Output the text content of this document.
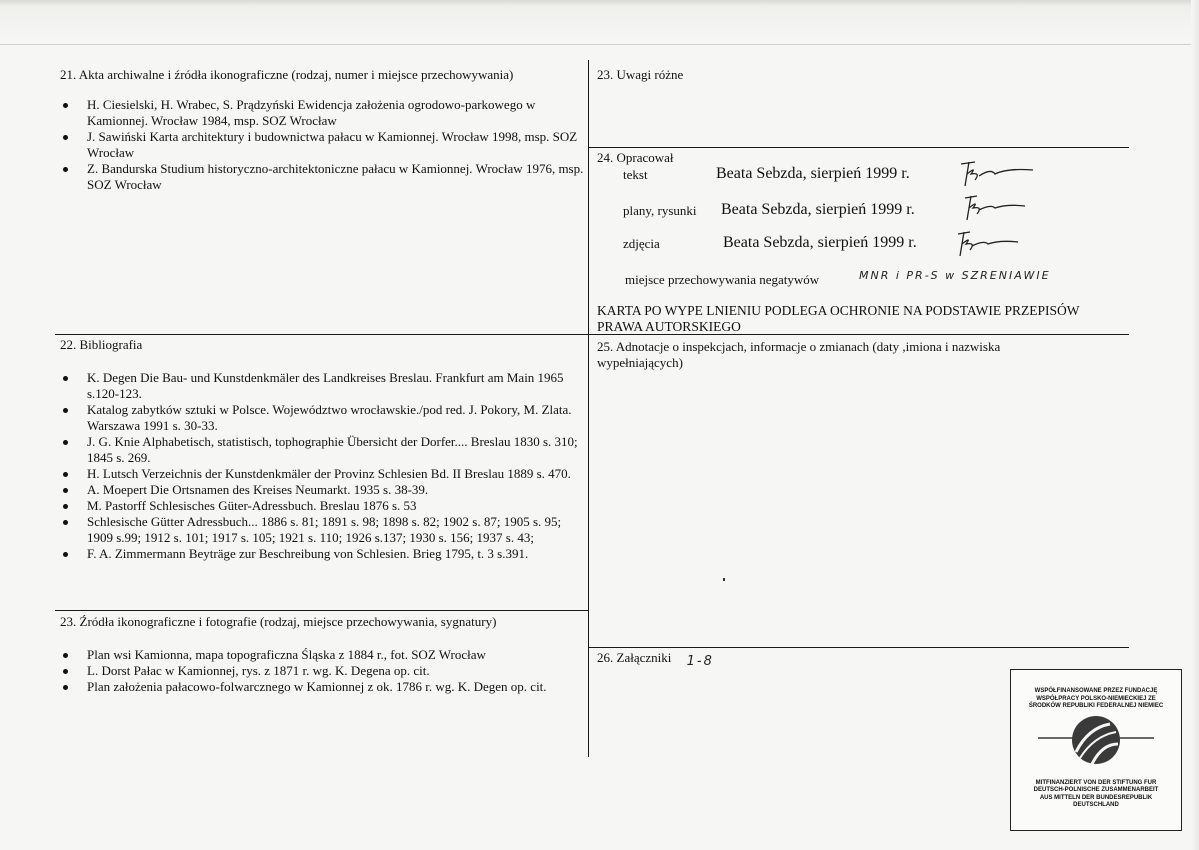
21. Akta archiwalne i źródła ikonograficzne (rodzaj, numer i miejsce przechowywania)
H. Ciesielski, H. Wrabec, S. Prądzyński Ewidencja założenia ogrodowo-parkowego w Kamionnej. Wrocław 1984, msp. SOZ Wrocław
J. Sawiński Karta architektury i budownictwa pałacu w Kamionnej. Wrocław 1998, msp. SOZ Wrocław
Z. Bandurska Studium historyczno-architektoniczne pałacu w Kamionnej. Wrocław 1976, msp. SOZ Wrocław
22. Bibliografia
K. Degen Die Bau- und Kunstdenkmäler des Landkreises Breslau. Frankfurt am Main 1965 s.120-123.
Katalog zabytków sztuki w Polsce. Województwo wrocławskie./pod red. J. Pokory, M. Zlata. Warszawa 1991 s. 30-33.
J. G. Knie Alphabetisch, statistisch, tophographie Übersicht der Dorfer.... Breslau 1830 s. 310; 1845 s. 269.
H. Lutsch Verzeichnis der Kunstdenkmäler der Provinz Schlesien Bd. II Breslau 1889 s. 470.
A. Moepert Die Ortsnamen des Kreises Neumarkt. 1935 s. 38-39.
M. Pastorff Schlesisches Güter-Adressbuch. Breslau 1876 s. 53
Schlesische Gütter Adressbuch... 1886 s. 81; 1891 s. 98; 1898 s. 82; 1902 s. 87; 1905 s. 95; 1909 s.99; 1912 s. 101; 1917 s. 105; 1921 s. 110; 1926 s.137; 1930 s. 156; 1937 s. 43;
F. A. Zimmermann Beyträge zur Beschreibung von Schlesien. Brieg 1795, t. 3 s.391.
23. Źródła ikonograficzne i fotografie (rodzaj, miejsce przechowywania, sygnatury)
Plan wsi Kamionna, mapa topograficzna Śląska z 1884 r., fot. SOZ Wrocław
L. Dorst Pałac w Kamionnej, rys. z 1871 r. wg. K. Degena op. cit.
Plan założenia pałacowo-folwarcznego w Kamionnej z ok. 1786 r. wg. K. Degen op. cit.
23. Uwagi różne
24. Opracował
tekst	Beata Sebzda, sierpień 1999 r.
plany, rysunki Beata Sebzda, sierpień 1999 r.
zdjęcia	Beata Sebzda, sierpień 1999 r.
miejsce przechowywania negatywów	MNR i PR-S w SZRENIAWIE
KARTA PO WYPE LNIENIU PODLEGA OCHRONIE NA PODSTAWIE PRZEPISÓW PRAWA AUTORSKIEGO
25. Adnotacje o inspekcjach, informacje o zmianach (daty ,imiona i nazwiska wypełniających)
26. Załączniki 1-8
WSPÓŁFINANSOWANE PRZEZ FUNDACJĘ WSPÓŁPRACY POLSKO-NIEMIECKIEJ ZE ŚRODKÓW REPUBLIKI FEDERALNEJ NIEMIEC
MITFINANZIERT VON DER STIFTUNG FUR DEUTSCH-POLNISCHE ZUSAMMENARBEIT AUS MITTELN DER BUNDESREPUBLIK DEUTSCHLAND
